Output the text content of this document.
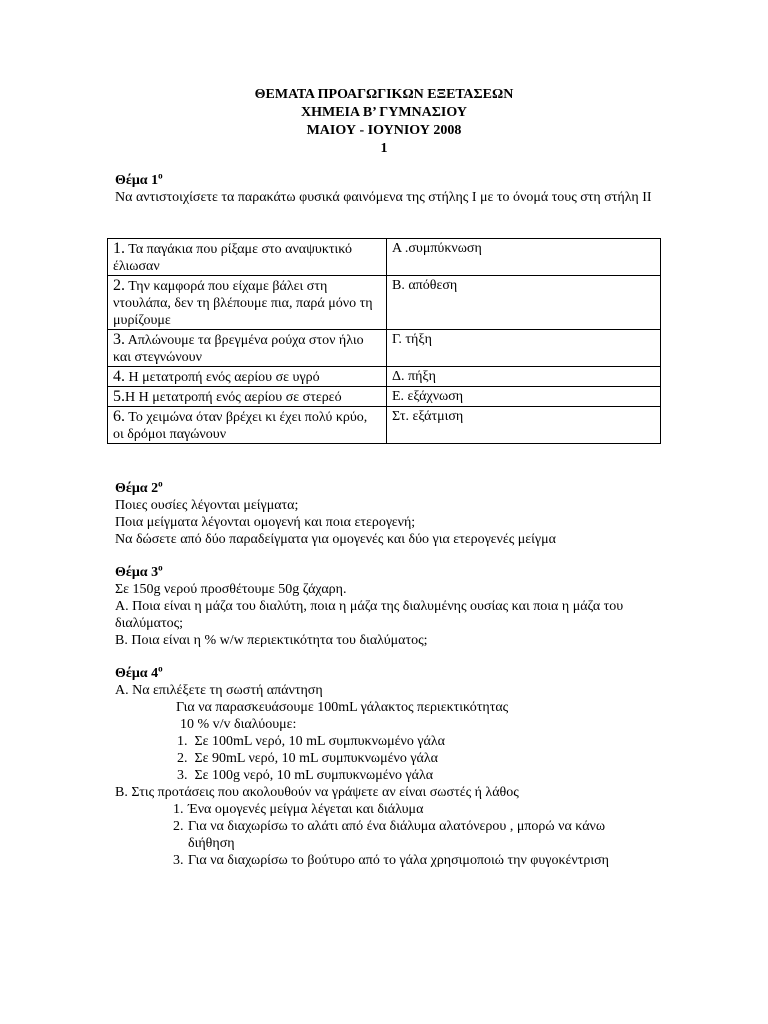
ΘΕΜΑΤΑ ΠΡΟΑΓΩΓΙΚΩΝ ΕΞΕΤΑΣΕΩΝ
ΧΗΜΕΙΑ Β’ ΓΥΜΝΑΣΙΟΥ
ΜΑΙΟΥ - ΙΟΥΝΙΟΥ 2008
1

Θέμα $1^o$

Να αντιστοιχίσετε τα παρακάτω φυσικά φαινόμενα της στήλης Ι με το όνομά τους στη στήλη ΙΙ

1. Τα παγάκια που ρίξαμε στο αναψυκτικό έλιωσαν	Α .συμπύκνωση
2. Την καμφορά που είχαμε βάλει στη ντουλάπα, δεν τη βλέπουμε πια, παρά μόνο τη μυρίζουμε	Β. απόθεση
3. Απλώνουμε τα βρεγμένα ρούχα στον ήλιο και στεγνώνουν	Γ. τήξη
4. Η μετατροπή ενός αερίου σε υγρό	Δ. πήξη
5.Η Η μετατροπή ενός αερίου σε στερεό	Ε. εξάχνωση
6. Το χειμώνα όταν βρέχει κι έχει πολύ κρύο, οι δρόμοι παγώνουν	Στ. εξάτμιση

Θέμα $2^o$

Ποιες ουσίες λέγονται μείγματα;

Ποια μείγματα λέγονται ομογενή και ποια ετερογενή;

Να δώσετε από δύο παραδείγματα για ομογενές και δύο για ετερογενές μείγμα

Θέμα $3^o$

Σε 150g νερού προσθέτουμε 50g ζάχαρη.

Α. Ποια είναι η μάζα του διαλύτη, ποια η μάζα της διαλυμένης ουσίας και ποια η μάζα του διαλύματος;

Β. Ποια είναι η % w/w περιεκτικότητα του διαλύματος;

Θέμα $4^o$

Α. Να επιλέξετε τη σωστή απάντηση

Για να παρασκευάσουμε 100mL γάλακτος περιεκτικότητας

10 % v/v διαλύουμε:

1. Σε 100mL νερό, 10 mL συμπυκνωμένο γάλα

2. Σε 90mL νερό, 10 mL συμπυκνωμένο γάλα

3. Σε 100g νερό, 10 mL συμπυκνωμένο γάλα

Β. Στις προτάσεις που ακολουθούν να γράψετε αν είναι σωστές ή λάθος

1. Ένα ομογενές μείγμα λέγεται και διάλυμα
2. Για να διαχωρίσω το αλάτι από ένα διάλυμα αλατόνερου , μπορώ να κάνω διήθηση
3. Για να διαχωρίσω το βούτυρο από το γάλα χρησιμοποιώ την φυγοκέντριση
